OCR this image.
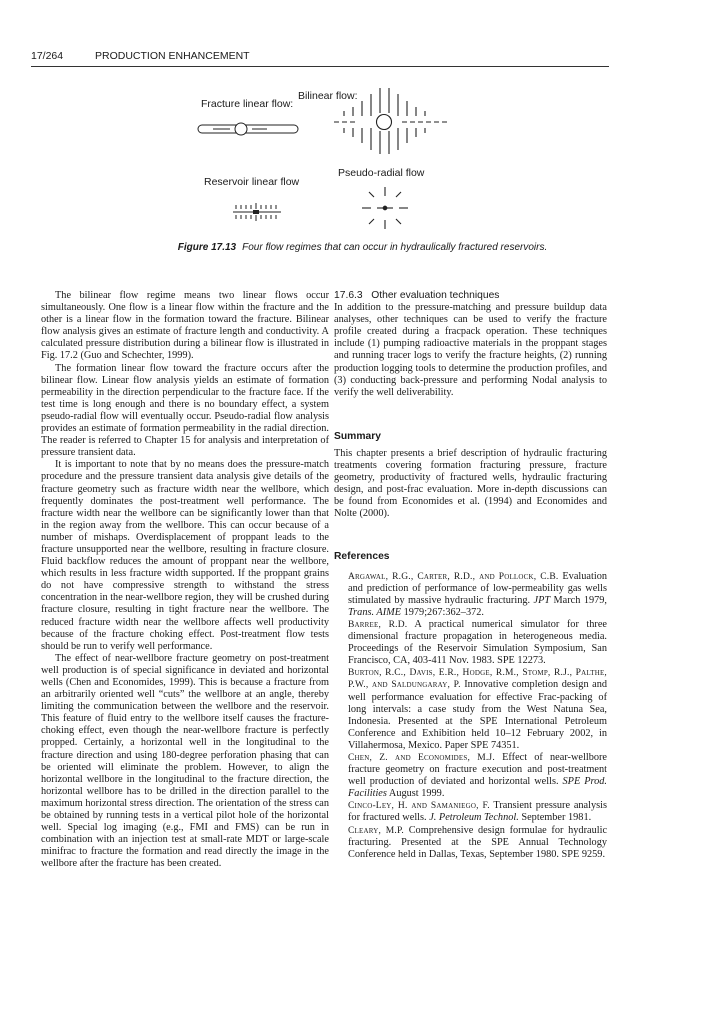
17/264	PRODUCTION ENHANCEMENT
Fracture linear flow:
Bilinear flow:
Pseudo-radial flow
Reservoir linear flow
Figure 17.13 Four flow regimes that can occur in hydraulically fractured reservoirs.

The bilinear flow regime means two linear flows occur simultaneously. One flow is a linear flow within the fracture and the other is a linear flow in the formation toward the fracture. Bilinear flow analysis gives an estimate of fracture length and conductivity. A calculated pressure distribution during a bilinear flow is illustrated in Fig. 17.2 (Guo and Schechter, 1999).

The formation linear flow toward the fracture occurs after the bilinear flow. Linear flow analysis yields an estimate of formation permeability in the direction perpendicular to the fracture face. If the test time is long enough and there is no boundary effect, a system pseudo-radial flow will eventually occur. Pseudo-radial flow analysis provides an estimate of formation permeability in the radial direction. The reader is referred to Chapter 15 for analysis and interpretation of pressure transient data.

It is important to note that by no means does the pressure-match procedure and the pressure transient data analysis give details of the fracture geometry such as fracture width near the wellbore, which frequently dominates the post-treatment well performance. The fracture width near the wellbore can be significantly lower than that in the region away from the wellbore. This can occur because of a number of mishaps. Overdisplacement of proppant leads to the fracture unsupported near the wellbore, resulting in fracture closure. Fluid backflow reduces the amount of proppant near the wellbore, which results in less fracture width supported. If the proppant grains do not have compressive strength to withstand the stress concentration in the near-wellbore region, they will be crushed during fracture closure, resulting in tight fracture near the wellbore. The reduced fracture width near the wellbore affects well productivity because of the fracture choking effect. Post-treatment flow tests should be run to verify well performance.

The effect of near-wellbore fracture geometry on post-treatment well production is of special significance in deviated and horizontal wells (Chen and Economides, 1999). This is because a fracture from an arbitrarily oriented well “cuts” the wellbore at an angle, thereby limiting the communication between the wellbore and the reservoir. This feature of fluid entry to the wellbore itself causes the fracture-choking effect, even though the near-wellbore fracture is perfectly propped. Certainly, a horizontal well in the longitudinal to the fracture direction and using 180-degree perforation phasing that can be oriented will eliminate the problem. However, to align the horizontal wellbore in the longitudinal to the fracture direction, the horizontal wellbore has to be drilled in the direction parallel to the maximum horizontal stress direction. The orientation of the stress can be obtained by running tests in a vertical pilot hole of the horizontal well. Special log imaging (e.g., FMI and FMS) can be run in combination with an injection test at small-rate MDT or large-scale minifrac to fracture the formation and read directly the image in the wellbore after the fracture has been created.

17.6.3 Other evaluation techniques

In addition to the pressure-matching and pressure buildup data analyses, other techniques can be used to verify the fracture profile created during a fracpack operation. These techniques include (1) pumping radioactive materials in the proppant stages and running tracer logs to verify the fracture heights, (2) running production logging tools to determine the production profiles, and (3) conducting back-pressure and performing Nodal analysis to verify the well deliverability.

Summary

This chapter presents a brief description of hydraulic fracturing treatments covering formation fracturing pressure, fracture geometry, productivity of fractured wells, hydraulic fracturing design, and post-frac evaluation. More in-depth discussions can be found from Economides et al. (1994) and Economides and Nolte (2000).

References

Argawal, R.G., Carter, R.D., and Pollock, C.B. Evaluation and prediction of performance of low-permeability gas wells stimulated by massive hydraulic fracturing. JPT March 1979, Trans. AIME 1979;267:362–372.

Barree, R.D. A practical numerical simulator for three dimensional fracture propagation in heterogeneous media. Proceedings of the Reservoir Simulation Symposium, San Francisco, CA, 403-411 Nov. 1983. SPE 12273.

Burton, R.C., Davis, E.R., Hodge, R.M., Stomp, R.J., Palthe, P.W., and Saldungaray, P. Innovative completion design and well performance evaluation for effective Frac-packing of long intervals: a case study from the West Natuna Sea, Indonesia. Presented at the SPE International Petroleum Conference and Exhibition held 10–12 February 2002, in Villahermosa, Mexico. Paper SPE 74351.

Chen, Z. and Economides, M.J. Effect of near-wellbore fracture geometry on fracture execution and post-treatment well production of deviated and horizontal wells. SPE Prod. Facilities August 1999.

Cinco-Ley, H. and Samaniego, F. Transient pressure analysis for fractured wells. J. Petroleum Technol. September 1981.

Cleary, M.P. Comprehensive design formulae for hydraulic fracturing. Presented at the SPE Annual Technology Conference held in Dallas, Texas, September 1980. SPE 9259.
